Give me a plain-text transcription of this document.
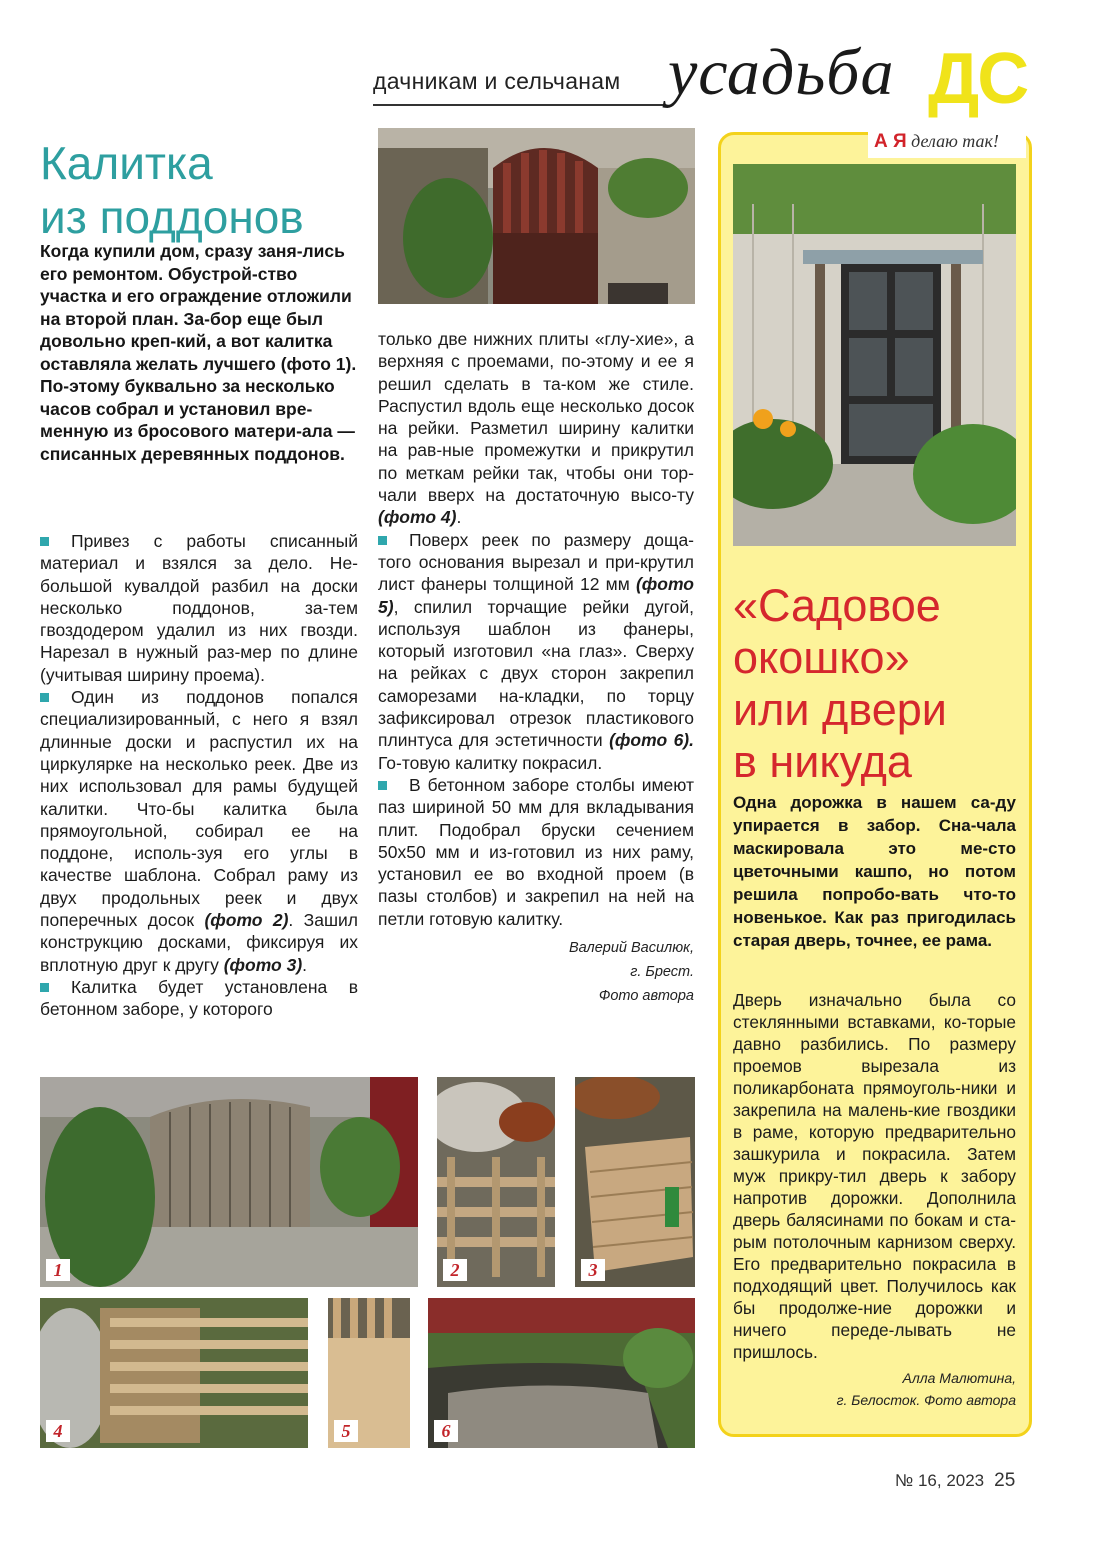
дачникам и сельчанам усадьба ДС
Калитка
из поддонов
Когда купили дом, сразу заня-лись его ремонтом. Обустрой-ство участка и его ограждение отложили на второй план. За-бор еще был довольно креп-кий, а вот калитка оставляла желать лучшего (фото 1). По-этому буквально за несколько часов собрал и установил вре-менную из бросового матери-ала — списанных деревянных поддонов.

Привез с работы списанный материал и взялся за дело. Не-большой кувалдой разбил на доски несколько поддонов, за-тем гвоздодером удалил из них гвозди. Нарезал в нужный раз-мер по длине (учитывая ширину проема).

Один из поддонов попался специализированный, с него я взял длинные доски и распустил их на циркулярке на несколько реек. Две из них использовал для рамы будущей калитки. Что-бы калитка была прямоугольной, собирал ее на поддоне, исполь-зуя его углы в качестве шаблона. Собрал раму из двух продольных реек и двух поперечных досок (фото 2). Зашил конструкцию досками, фиксируя их вплотную друг к другу (фото 3).

Калитка будет установлена в бетонном заборе, у которого

только две нижних плиты «глу-хие», а верхняя с проемами, по-этому и ее я решил сделать в та-ком же стиле. Распустил вдоль еще несколько досок на рейки. Разметил ширину калитки на рав-ные промежутки и прикрутил по меткам рейки так, чтобы они тор-чали вверх на достаточную высо-ту (фото 4).

Поверх реек по размеру доща-того основания вырезал и при-крутил лист фанеры толщиной 12 мм (фото 5), спилил торчащие рейки дугой, используя шаблон из фанеры, который изготовил «на глаз». Сверху на рейках с двух сторон закрепил саморезами на-кладки, по торцу зафиксировал отрезок пластикового плинтуса для эстетичности (фото 6). Го-товую калитку покрасил.

В бетонном заборе столбы имеют паз шириной 50 мм для вкладывания плит. Подобрал бруски сечением 50х50 мм и из-готовил из них раму, установил ее во входной проем (в пазы столбов) и закрепил на ней на петли готовую калитку.

Валерий Василюк,
г. Брест.
Фото автора
А Я делаю так!
«Садовое
окошко»
или двери
в никуда
Одна дорожка в нашем са-ду упирается в забор. Сна-чала маскировала это ме-сто цветочными кашпо, но потом решила попробо-вать что-то новенькое. Как раз пригодилась старая дверь, точнее, ее рама.

Дверь изначально была со стеклянными вставками, ко-торые давно разбились. По размеру проемов вырезала из поликарбоната прямоуголь-ники и закрепила на малень-кие гвоздики в раме, которую предварительно зашкурила и покрасила. Затем муж прикру-тил дверь к забору напротив дорожки. Дополнила дверь балясинами по бокам и ста-рым потолочным карнизом сверху. Его предварительно покрасила в подходящий цвет. Получилось как бы продолже-ние дорожки и ничего переде-лывать не пришлось.

Алла Малютина,
г. Белосток. Фото автора
1	2	3
4	5	6
№ 16, 2023 25
